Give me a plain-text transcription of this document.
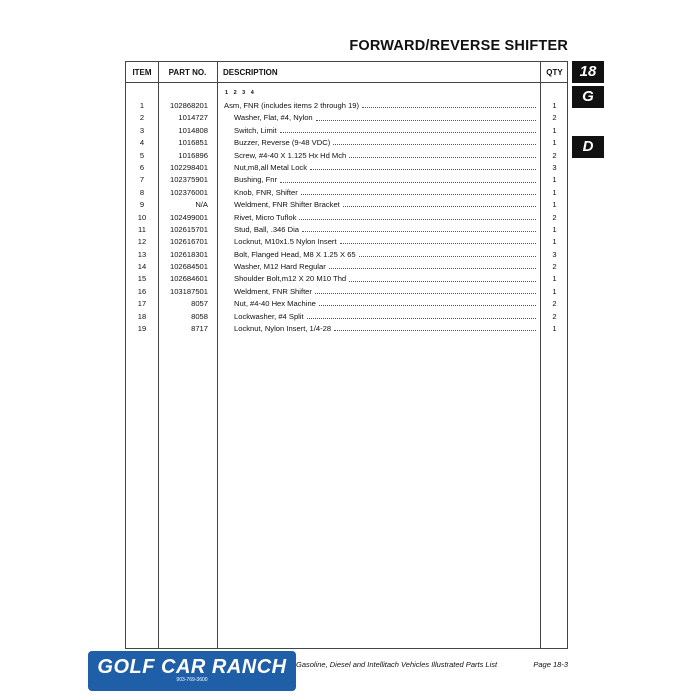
FORWARD/REVERSE SHIFTER
18
G
D
ITEM	PART NO.	DESCRIPTION	QTY
1 2 3 4
1	102868201 Asm, FNR (includes items 2 through 19)	1
2	1014727	Washer, Flat, #4, Nylon	2
3	1014808	Switch, Limit	1
4	1016851	Buzzer, Reverse (9-48 VDC)	1
5	1016896	Screw, #4-40 X 1.125 Hx Hd Mch	2
6	102298401	Nut,m8,all Metal Lock	3
7	102375901	Bushing, Fnr	1
8	102376001	Knob, FNR, Shifter	1
9	N/A	Weldment, FNR Shifter Bracket	1
10	102499001	Rivet, Micro Tuflok	2
11	102615701	Stud, Ball, .346 Dia	1
12	102616701	Locknut, M10x1.5 Nylon Insert	1
13	102618301	Bolt, Flanged Head, M8 X 1.25 X 65	3
14	102684501	Washer, M12 Hard Regular	2
15	102684601	Shoulder Bolt,m12 X 20 M10 Thd	1
16	103187501	Weldment, FNR Shifter	1
17	8057	Nut, #4-40 Hex Machine	2
18	8058	Lockwasher, #4 Split	2
19	8717	Locknut, Nylon Insert, 1/4-28	1
Gasoline, Diesel and Intellitach Vehicles Illustrated Parts List	Page 18-3
GOLF CAR RANCH
903-769-3600
